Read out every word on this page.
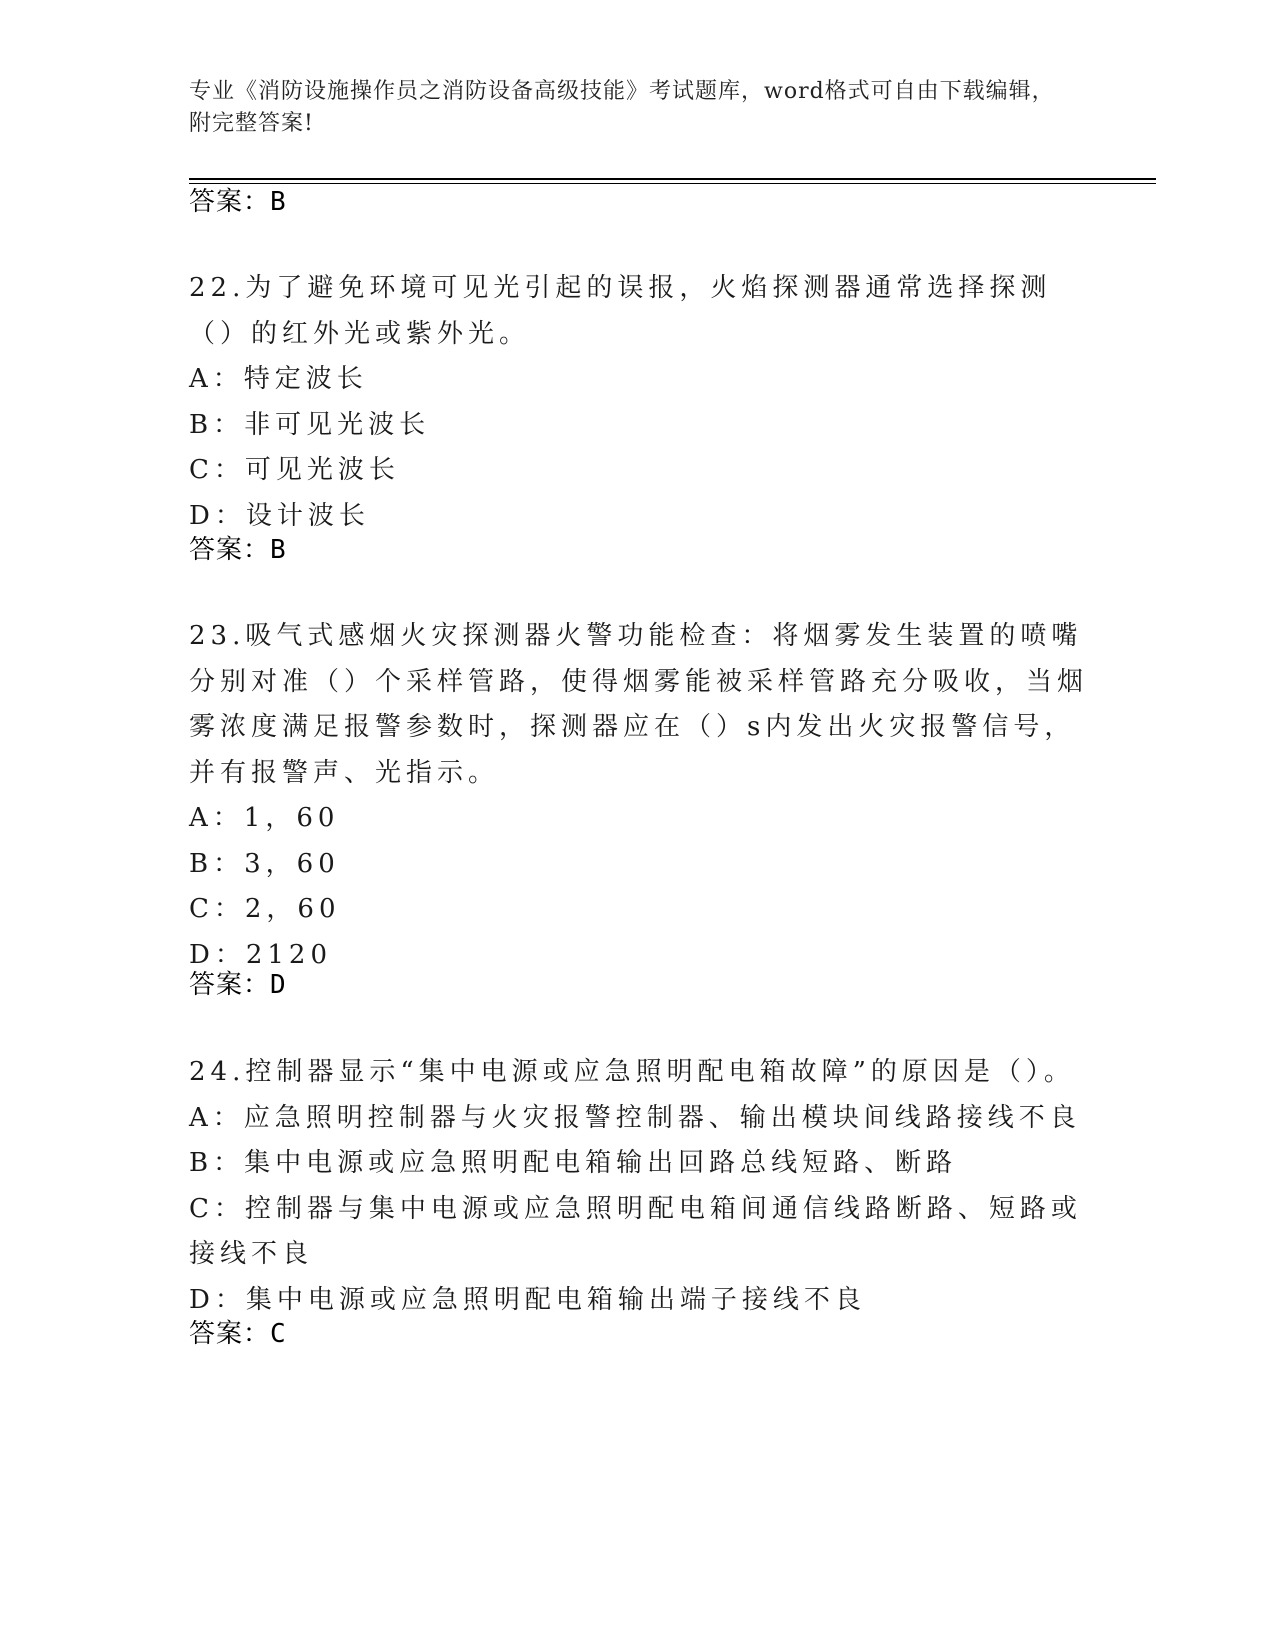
专业《消防设施操作员之消防设备高级技能》考试题库，word格式可自由下载编辑，附完整答案!
答案：B

22.为了避免环境可见光引起的误报，火焰探测器通常选择探测（）的红外光或紫外光。

A：特定波长

B：非可见光波长

C：可见光波长

D：设计波长

答案：B

23.吸气式感烟火灾探测器火警功能检查：将烟雾发生装置的喷嘴分别对准（）个采样管路，使得烟雾能被采样管路充分吸收，当烟雾浓度满足报警参数时，探测器应在（）s内发出火灾报警信号，并有报警声、光指示。

A：1，60

B：3，60

C：2，60

D：2120

答案：D

24.控制器显示“集中电源或应急照明配电箱故障”的原因是（）。

A：应急照明控制器与火灾报警控制器、输出模块间线路接线不良

B：集中电源或应急照明配电箱输出回路总线短路、断路

C：控制器与集中电源或应急照明配电箱间通信线路断路、短路或接线不良

D：集中电源或应急照明配电箱输出端子接线不良

答案：C
